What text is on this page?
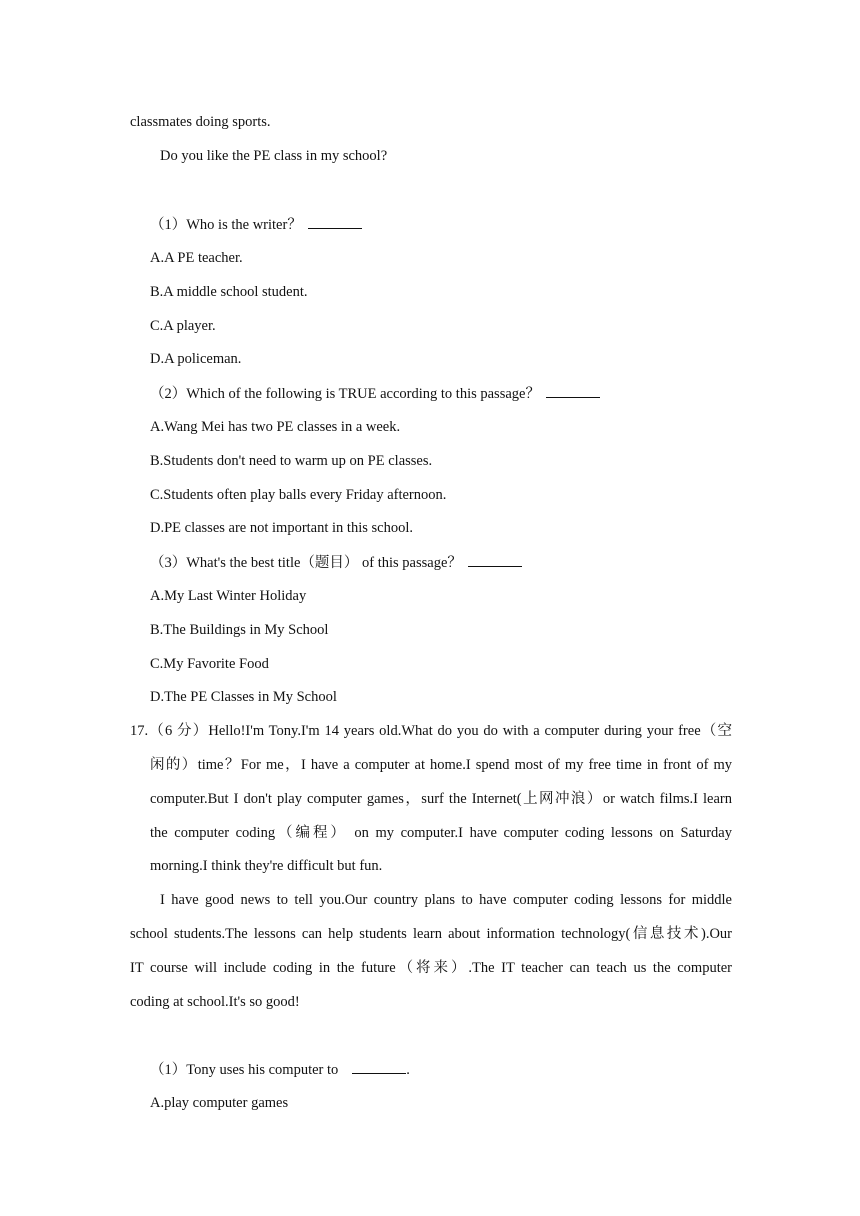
classmates doing sports.
Do you like the PE class in my school?
（1）Who is the writer？
A.A PE teacher.
B.A middle school student.
C.A player.
D.A policeman.
（2）Which of the following is TRUE according to this passage？
A.Wang Mei has two PE classes in a week.
B.Students don't need to warm up on PE classes.
C.Students often play balls every Friday afternoon.
D.PE classes are not important in this school.
（3）What's the best title（题目） of this passage？
A.My Last Winter Holiday
B.The Buildings in My School
C.My Favorite Food
D.The PE Classes in My School
17.（6 分）Hello!I'm Tony.I'm 14 years old.What do you do with a computer during your free（空
闲的）time？For me，I have a computer at home.I spend most of my free time in front of my
computer.But I don't play computer games，surf the Internet(上网冲浪）or watch films.I learn
the computer coding（编程） on my computer.I have computer coding lessons on Saturday
morning.I think they're difficult but fun.
I have good news to tell you.Our country plans to have computer coding lessons for middle
school students.The lessons can help students learn about information technology(信息技术).Our
IT course will include coding in the future（将来）.The IT teacher can teach us the computer
coding at school.It's so good!
（1）Tony uses his computer to	.
A.play computer games
